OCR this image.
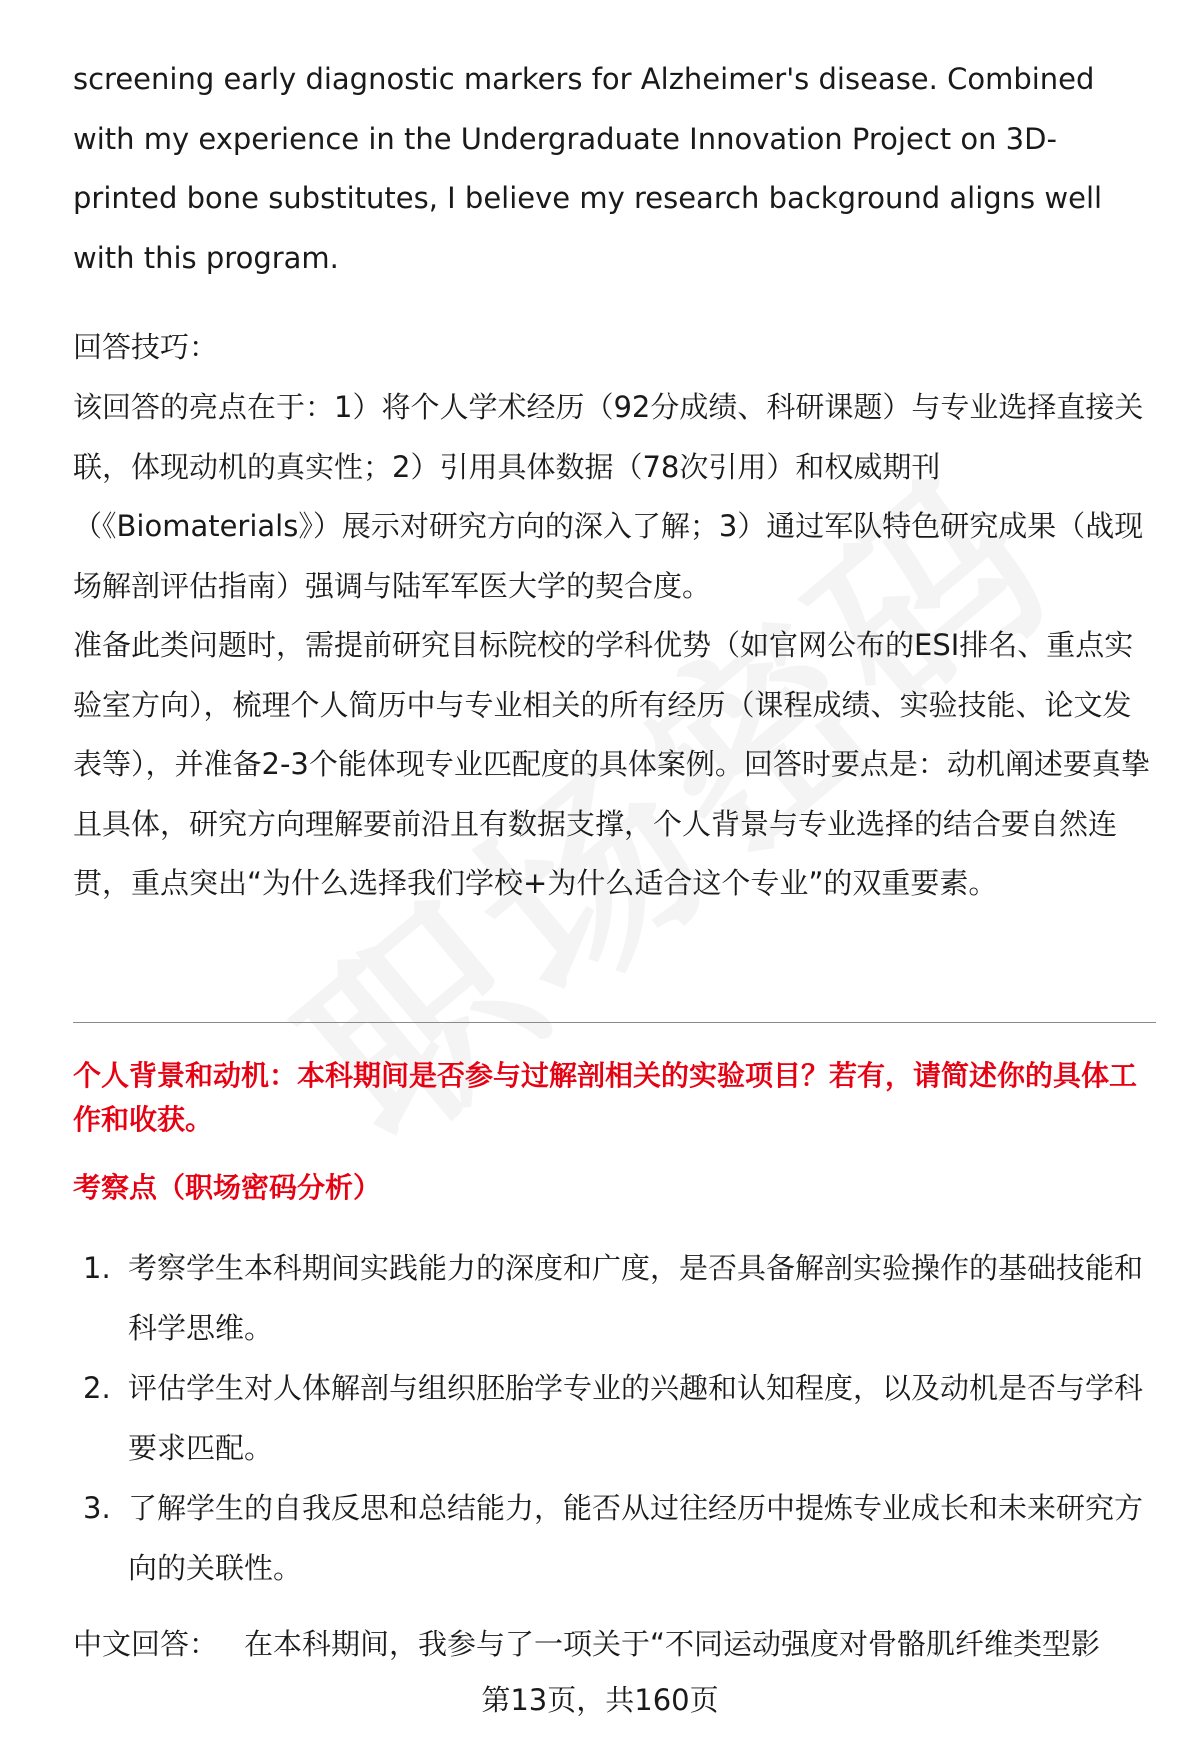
screening early diagnostic markers for Alzheimer's disease. Combined with my experience in the Undergraduate Innovation Project on 3D-printed bone substitutes, I believe my research background aligns well with this program.

回答技巧：

该回答的亮点在于：1）将个人学术经历（92分成绩、科研课题）与专业选择直接关联，体现动机的真实性；2）引用具体数据（78次引用）和权威期刊（《Biomaterials》）展示对研究方向的深入了解；3）通过军队特色研究成果（战现场解剖评估指南）强调与陆军军医大学的契合度。

准备此类问题时，需提前研究目标院校的学科优势（如官网公布的ESI排名、重点实验室方向），梳理个人简历中与专业相关的所有经历（课程成绩、实验技能、论文发表等），并准备2-3个能体现专业匹配度的具体案例。回答时要点是：动机阐述要真挚且具体，研究方向理解要前沿且有数据支撑，个人背景与专业选择的结合要自然连贯，重点突出“为什么选择我们学校+为什么适合这个专业”的双重要素。

个人背景和动机：本科期间是否参与过解剖相关的实验项目？若有，请简述你的具体工作和收获。

考察点（职场密码分析）

1. 考察学生本科期间实践能力的深度和广度，是否具备解剖实验操作的基础技能和科学思维。
2. 评估学生对人体解剖与组织胚胎学专业的兴趣和认知程度，以及动机是否与学科要求匹配。
3. 了解学生的自我反思和总结能力，能否从过往经历中提炼专业成长和未来研究方向的关联性。

中文回答： 在本科期间，我参与了一项关于“不同运动强度对骨骼肌纤维类型影

第13页，共160页
